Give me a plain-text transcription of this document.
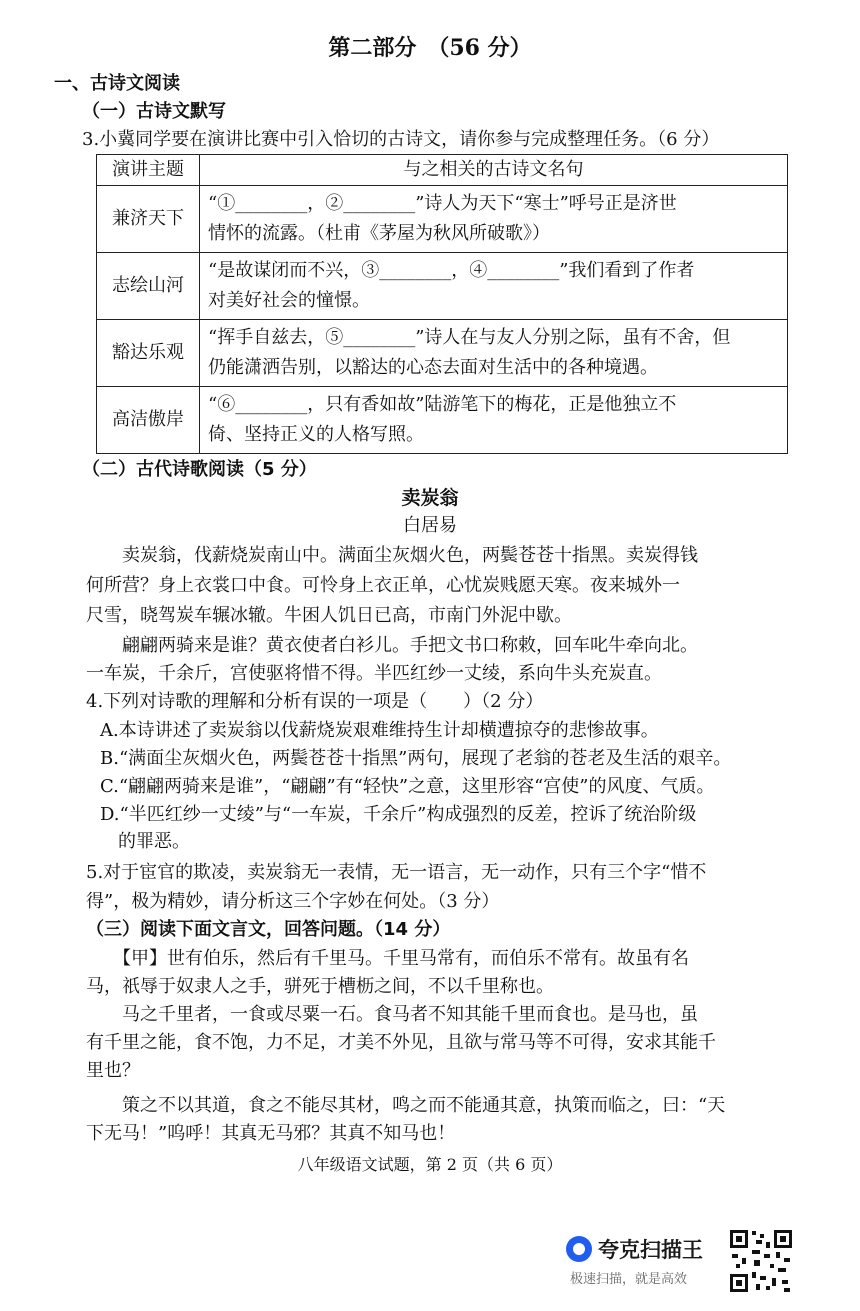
第二部分　（56 分）
一、古诗文阅读
（一）古诗文默写
3.小冀同学要在演讲比赛中引入恰切的古诗文，请你参与完成整理任务。（6 分）
演讲主题	与之相关的古诗文名句
兼济天下	“①________，②________”诗人为天下“寒士”呼号正是济世
情怀的流露。（杜甫《茅屋为秋风所破歌》）

志绘山河	“是故谋闭而不兴，③________，④________”我们看到了作者
对美好社会的憧憬。

豁达乐观	“挥手自兹去，⑤________”诗人在与友人分别之际，虽有不舍，但
仍能潇洒告别，以豁达的心态去面对生活中的各种境遇。

高洁傲岸	“⑥________，只有香如故”陆游笔下的梅花，正是他独立不
倚、坚持正义的人格写照。
（二）古代诗歌阅读（5 分）
卖炭翁
白居易
　　卖炭翁，伐薪烧炭南山中。满面尘灰烟火色，两鬓苍苍十指黑。卖炭得钱
何所营？身上衣裳口中食。可怜身上衣正单，心忧炭贱愿天寒。夜来城外一
尺雪，晓驾炭车辗冰辙。牛困人饥日已高，市南门外泥中歇。
　　翩翩两骑来是谁？黄衣使者白衫儿。手把文书口称敕，回车叱牛牵向北。
一车炭，千余斤，宫使驱将惜不得。半匹红纱一丈绫，系向牛头充炭直。
4.下列对诗歌的理解和分析有误的一项是（　　）（2 分）
A.本诗讲述了卖炭翁以伐薪烧炭艰难维持生计却横遭掠夺的悲惨故事。
B.“满面尘灰烟火色，两鬓苍苍十指黑”两句，展现了老翁的苍老及生活的艰辛。
C.“翩翩两骑来是谁”，“翩翩”有“轻快”之意，这里形容“宫使”的风度、气质。
D.“半匹红纱一丈绫”与“一车炭，千余斤”构成强烈的反差，控诉了统治阶级
　的罪恶。
5.对于宦官的欺凌，卖炭翁无一表情，无一语言，无一动作，只有三个字“惜不
得”，极为精妙，请分析这三个字妙在何处。（3 分）
（三）阅读下面文言文，回答问题。（14 分）
　　【甲】世有伯乐，然后有千里马。千里马常有，而伯乐不常有。故虽有名
马，祇辱于奴隶人之手，骈死于槽枥之间，不以千里称也。
　　马之千里者，一食或尽粟一石。食马者不知其能千里而食也。是马也，虽
有千里之能，食不饱，力不足，才美不外见，且欲与常马等不可得，安求其能千
里也？
　　策之不以其道，食之不能尽其材，鸣之而不能通其意，执策而临之，曰：“天
下无马！”呜呼！其真无马邪？其真不知马也！
八年级语文试题，第 2 页（共 6 页）
夸克扫描王
极速扫描，就是高效
